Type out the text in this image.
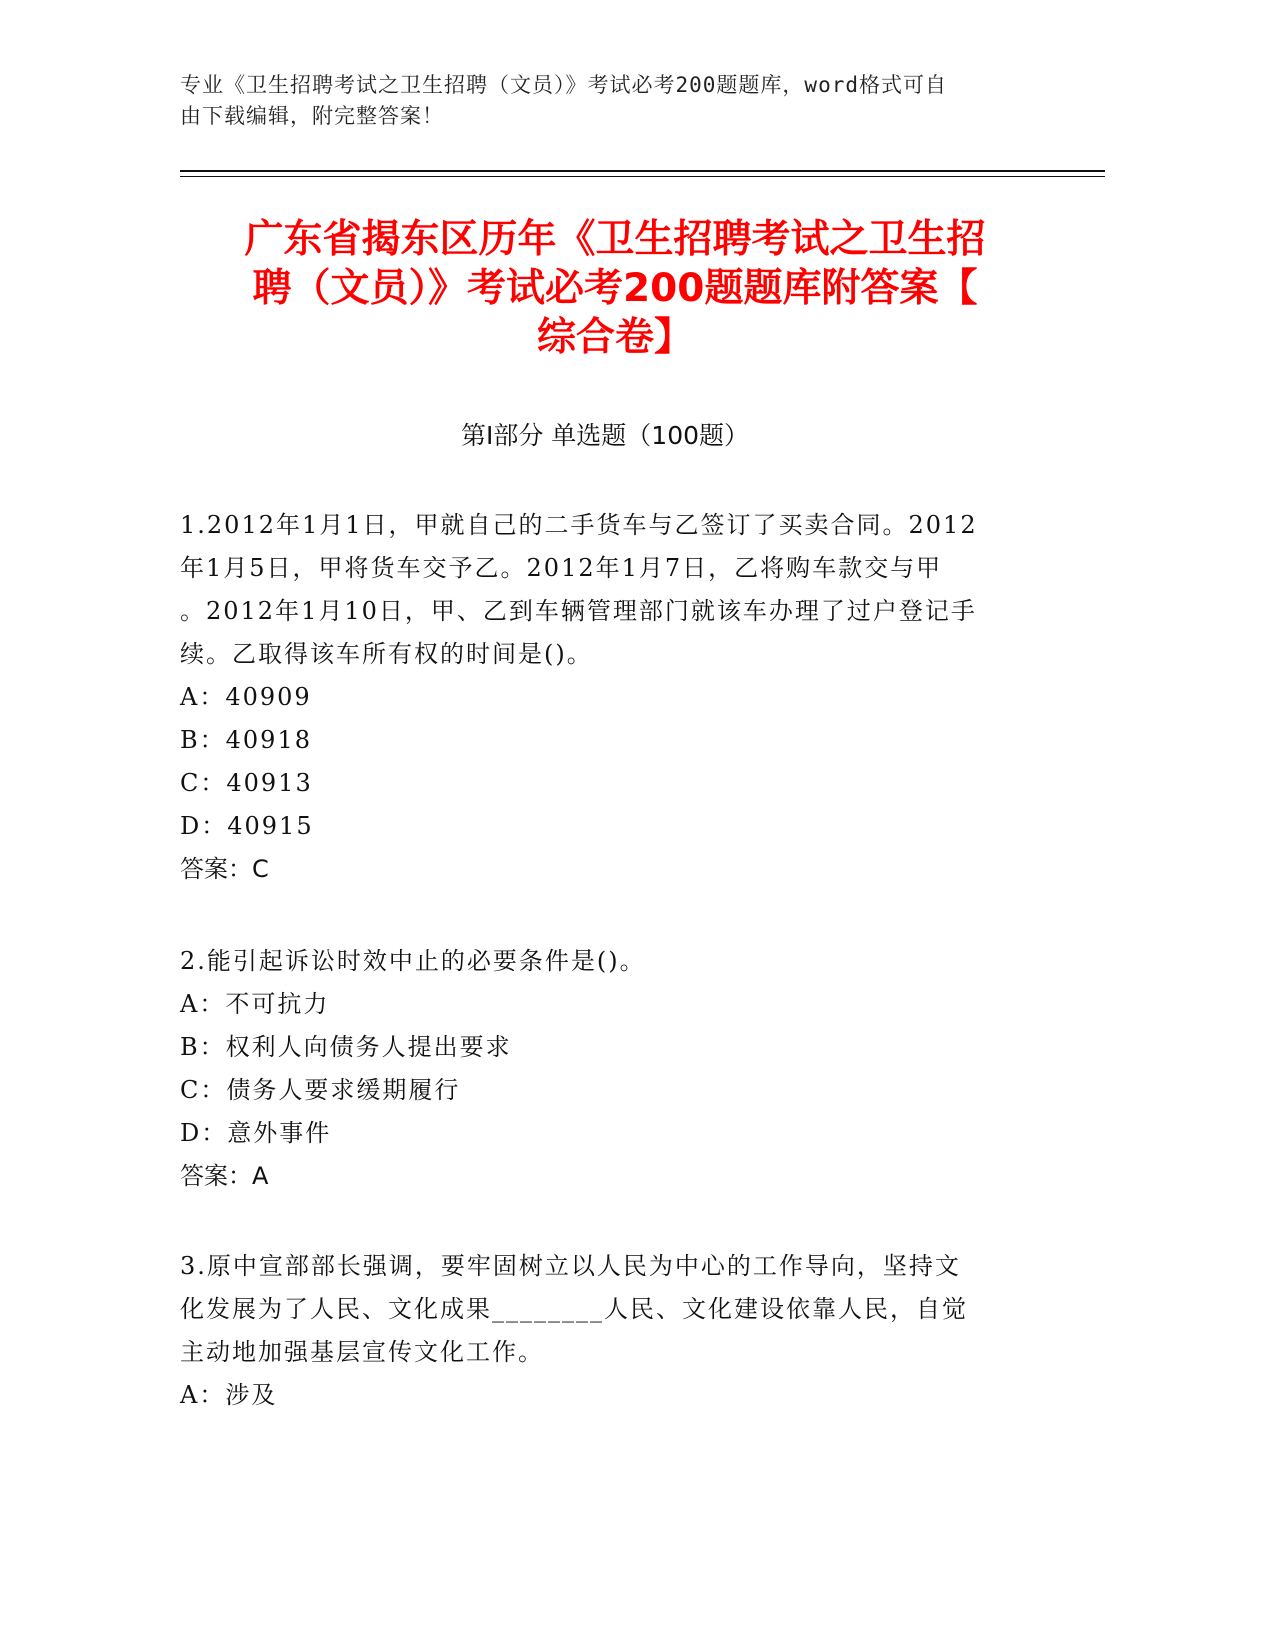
专业《卫生招聘考试之卫生招聘（文员）》考试必考200题题库，word格式可自
由下载编辑，附完整答案！
广东省揭东区历年《卫生招聘考试之卫生招
聘（文员）》考试必考200题题库附答案【
综合卷】
第Ⅰ部分 单选题（100题）
1.2012年1月1日，甲就自己的二手货车与乙签订了买卖合同。2012
年1月5日，甲将货车交予乙。2012年1月7日，乙将购车款交与甲
。2012年1月10日，甲、乙到车辆管理部门就该车办理了过户登记手
续。乙取得该车所有权的时间是()。
A：40909
B：40918
C：40913
D：40915
答案：C
2.能引起诉讼时效中止的必要条件是()。
A：不可抗力
B：权利人向债务人提出要求
C：债务人要求缓期履行
D：意外事件
答案：A
3.原中宣部部长强调，要牢固树立以人民为中心的工作导向，坚持文
化发展为了人民、文化成果________人民、文化建设依靠人民，自觉
主动地加强基层宣传文化工作。
A：涉及
